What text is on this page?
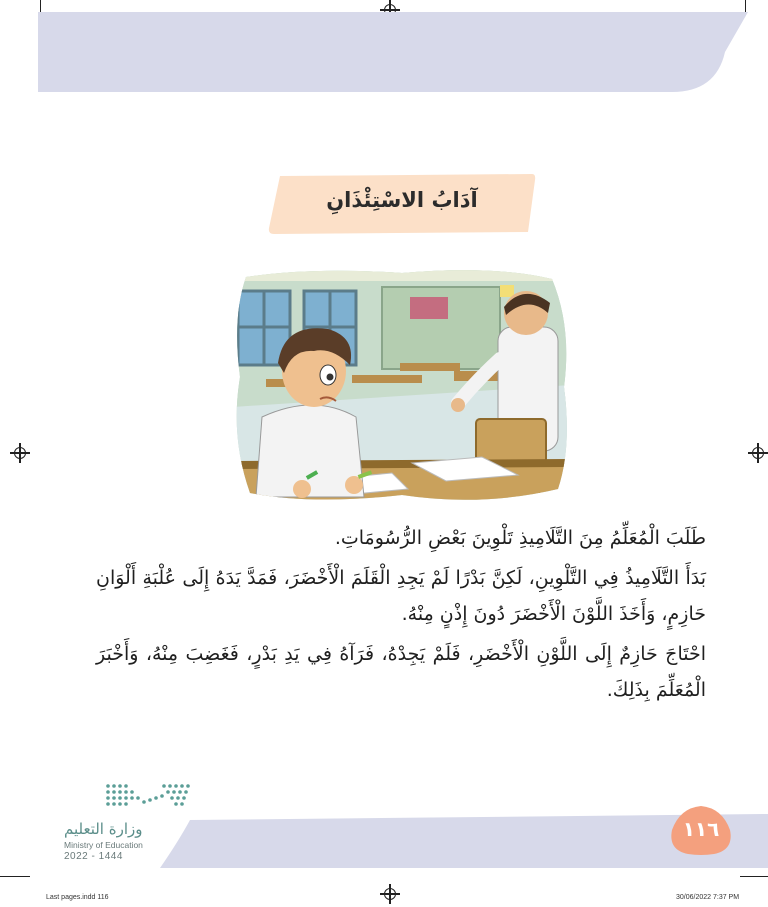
آدَابُ الاسْتِئْذَانِ

طَلَبَ الْمُعَلِّمُ مِنَ التَّلَامِيذِ تَلْوِينَ بَعْضِ الرُّسُومَاتِ.

بَدَأَ التَّلَامِيذُ فِي التَّلْوِينِ، لَكِنَّ بَدْرًا لَمْ يَجِدِ الْقَلَمَ الْأَخْضَرَ، فَمَدَّ يَدَهُ إِلَى عُلْبَةِ أَلْوَانِ حَازِمٍ، وَأَخَذَ اللَّوْنَ الْأَخْضَرَ دُونَ إِذْنٍ مِنْهُ.

احْتَاجَ حَازِمٌ إِلَى اللَّوْنِ الْأَخْضَرِ، فَلَمْ يَجِدْهُ، فَرَآهُ فِي يَدِ بَدْرٍ، فَغَضِبَ مِنْهُ، وَأَخْبَرَ الْمُعَلِّمَ بِذَلِكَ.

وزارة التعليم
Ministry of Education
2022 - 1444
١١٦
Last pages.indd 116	30/06/2022 7:37 PM
